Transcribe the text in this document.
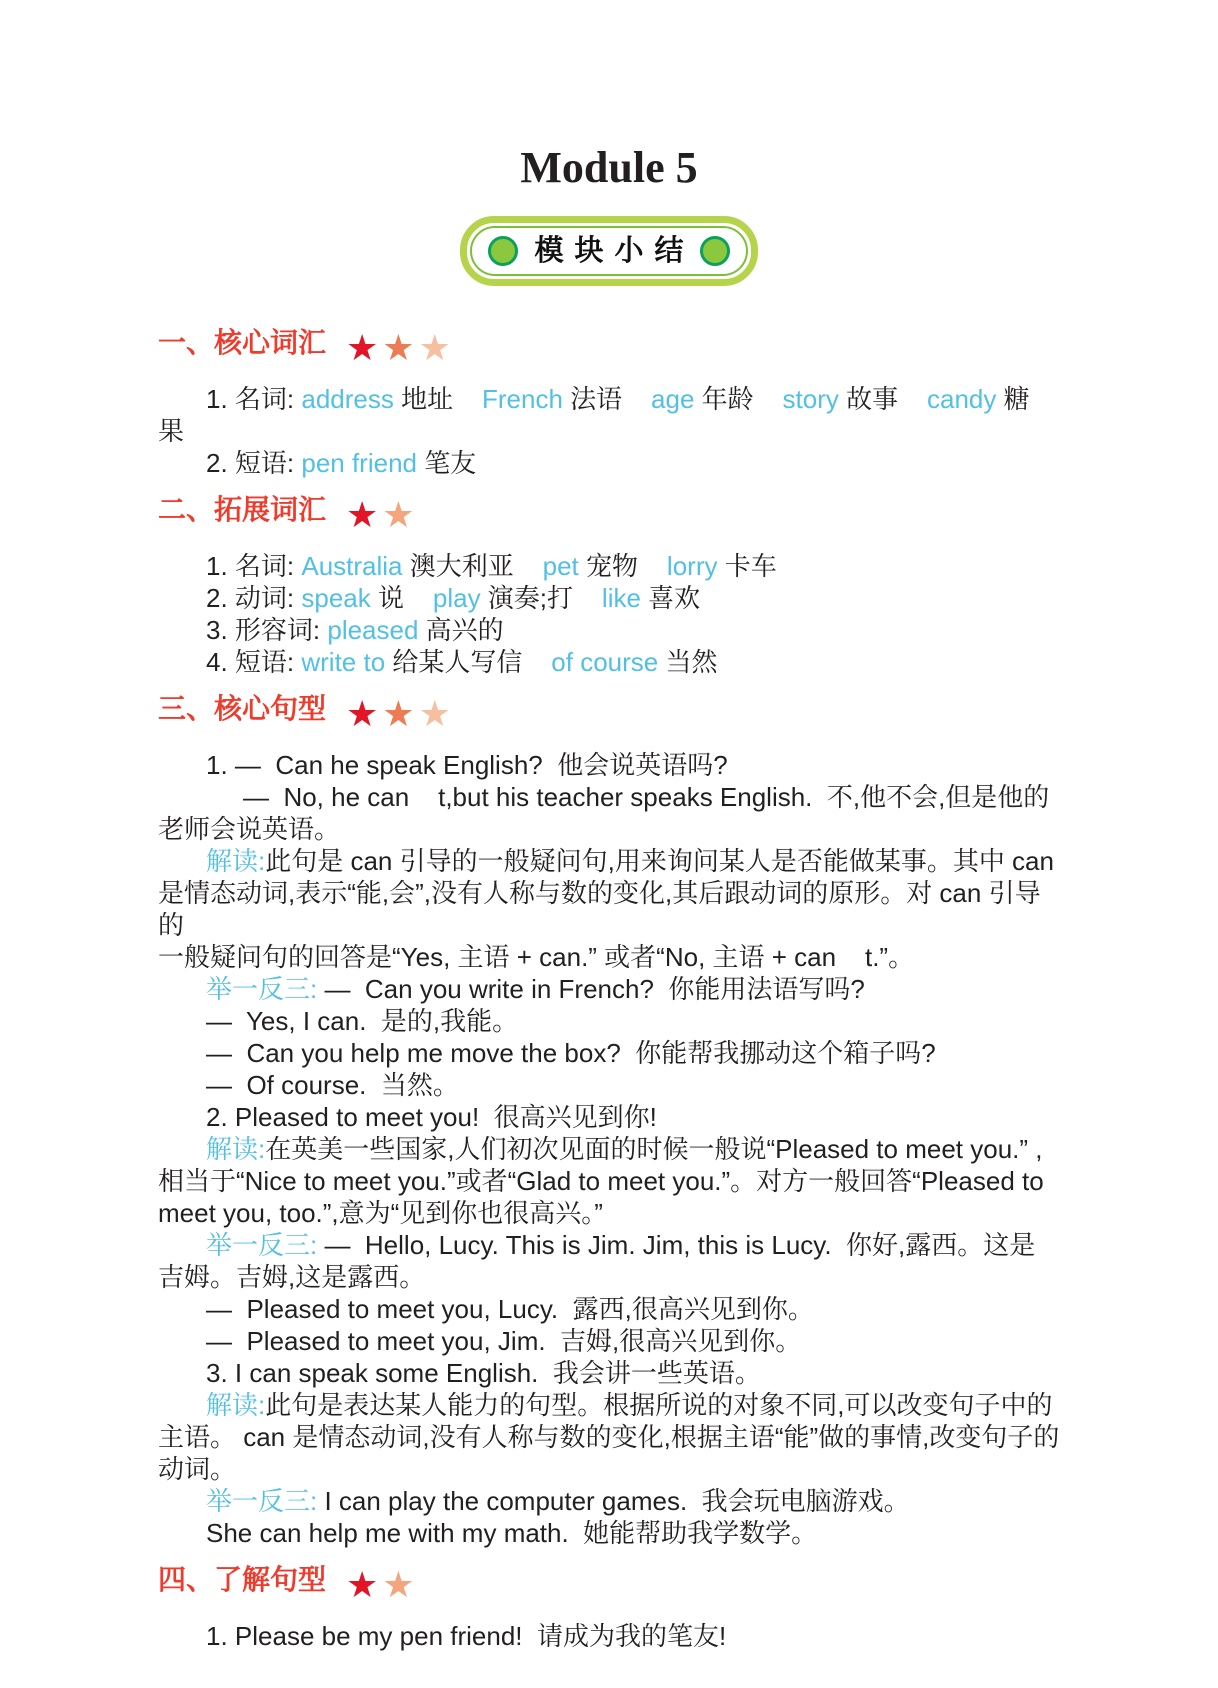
Module 5
模块小结
一、核心词汇 ★ ★ ★
1. 名词: address 地址    French 法语    age 年龄    story 故事    candy 糖
果
2. 短语: pen friend 笔友
二、拓展词汇 ★ ★
1. 名词: Australia 澳大利亚    pet 宠物    lorry 卡车
2. 动词: speak 说    play 演奏;打    like 喜欢
3. 形容词: pleased 高兴的
4. 短语: write to 给某人写信    of course 当然
三、核心句型 ★ ★ ★
1. —  Can he speak English?  他会说英语吗?
—  No, he can    t,but his teacher speaks English.  不,他不会,但是他的
老师会说英语。
解读:此句是 can 引导的一般疑问句,用来询问某人是否能做某事。其中 can
是情态动词,表示“能,会”,没有人称与数的变化,其后跟动词的原形。对 can 引导的
一般疑问句的回答是“Yes, 主语 + can.” 或者“No, 主语 + can    t.”。
举一反三: —  Can you write in French?  你能用法语写吗?
—  Yes, I can.  是的,我能。
—  Can you help me move the box?  你能帮我挪动这个箱子吗?
—  Of course.  当然。
2. Pleased to meet you!  很高兴见到你!
解读:在英美一些国家,人们初次见面的时候一般说“Pleased to meet you.” ,
相当于“Nice to meet you.”或者“Glad to meet you.”。对方一般回答“Pleased to
meet you, too.”,意为“见到你也很高兴。”
举一反三: —  Hello, Lucy. This is Jim. Jim, this is Lucy.  你好,露西。这是
吉姆。吉姆,这是露西。
—  Pleased to meet you, Lucy.  露西,很高兴见到你。
—  Pleased to meet you, Jim.  吉姆,很高兴见到你。
3. I can speak some English.  我会讲一些英语。
解读:此句是表达某人能力的句型。根据所说的对象不同,可以改变句子中的
主语。 can 是情态动词,没有人称与数的变化,根据主语“能”做的事情,改变句子的
动词。
举一反三: I can play the computer games.  我会玩电脑游戏。
She can help me with my math.  她能帮助我学数学。
四、了解句型 ★ ★
1. Please be my pen friend!  请成为我的笔友!
